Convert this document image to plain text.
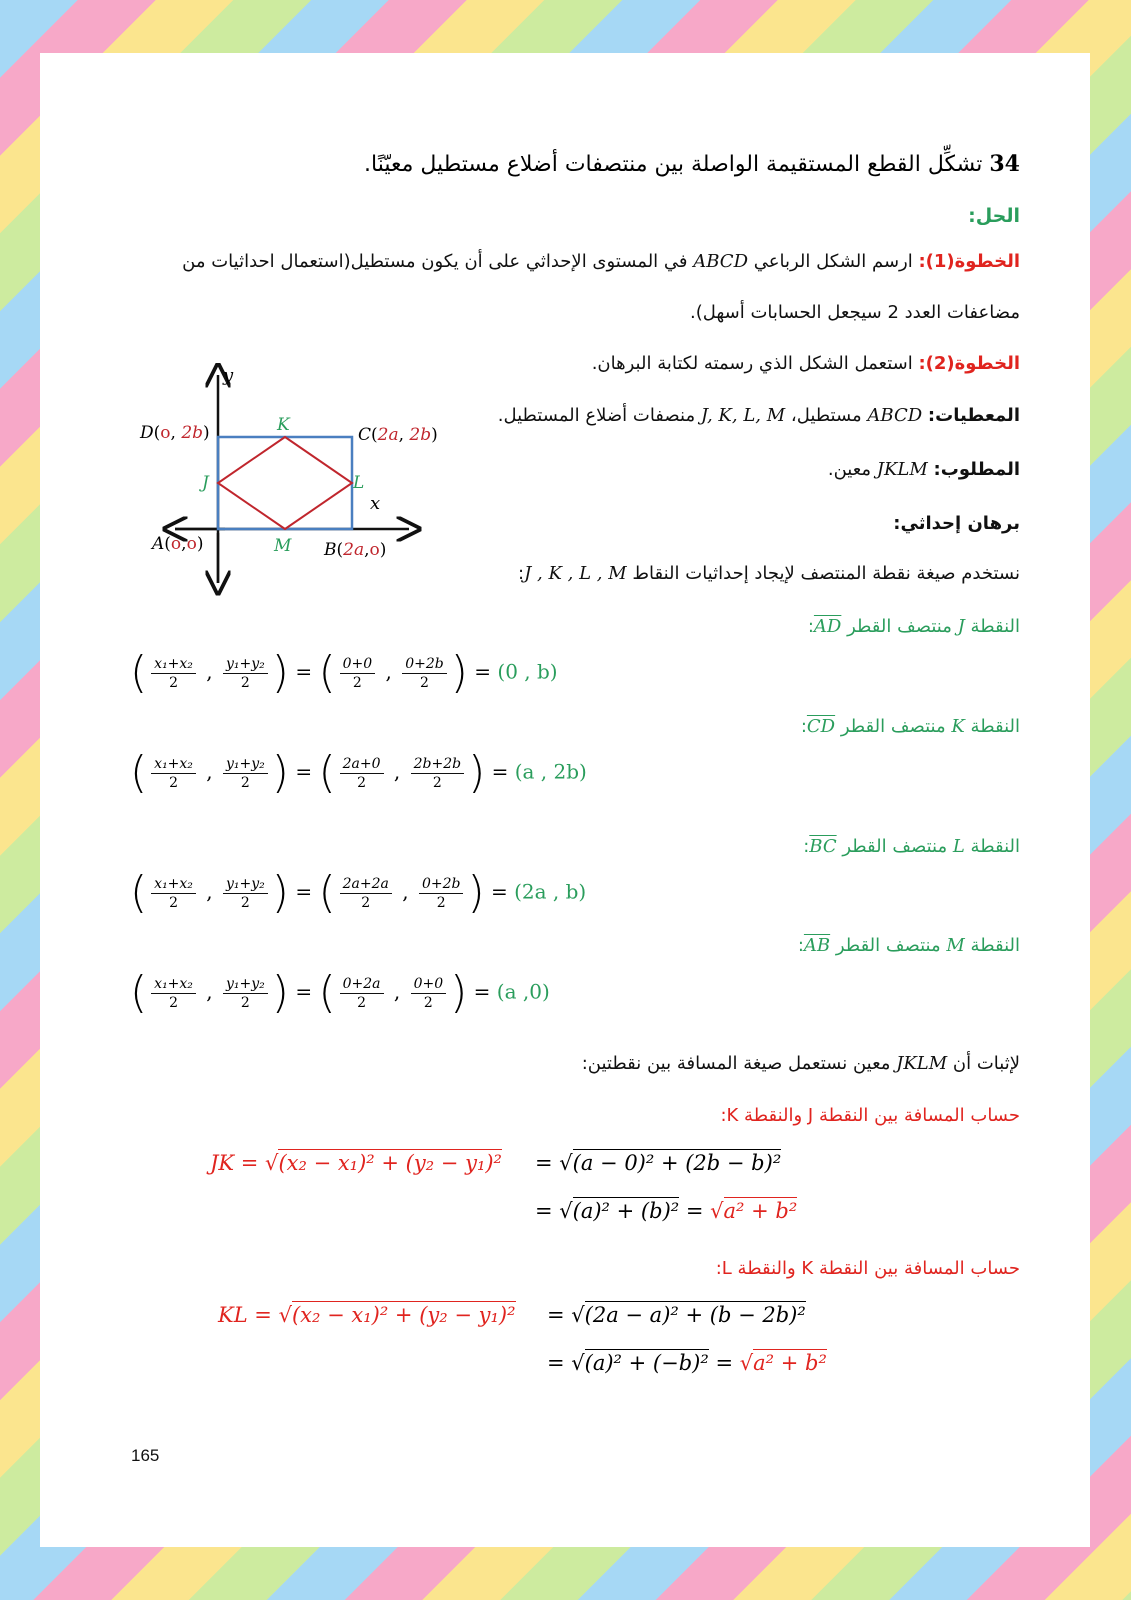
34 تشكِّل القطع المستقيمة الواصلة بين منتصفات أضلاع مستطيل معيّنًا.
الحل:
الخطوة(1): ارسم الشكل الرباعي ABCD في المستوى الإحداثي على أن يكون مستطيل(استعمال احداثيات من
مضاعفات العدد 2 سيجعل الحسابات أسهل).
الخطوة(2): استعمل الشكل الذي رسمته لكتابة البرهان.
المعطيات: ABCD مستطيل، J, K, L, M منصفات أضلاع المستطيل.
المطلوب: JKLM معين.
برهان إحداثي:
نستخدم صيغة نقطة المنتصف لإيجاد إحداثيات النقاط J , K , L , M:
y
x
D(o, 2b)	C(2a, 2b)
A(o,o)	B(2a,o)
K
J	L
M
النقطة J منتصف القطر AD:
( $\frac{\text{x₁+x₂}}{2}$ , $\frac{\text{y₁+y₂}}{2}$ ) = ( $\frac{0+0}{2}$ , $\frac{0+2b}{2}$ ) = (0 , b)
النقطة K منتصف القطر CD:
( $\frac{\text{x₁+x₂}}{2}$ , $\frac{\text{y₁+y₂}}{2}$ ) = ( $\frac{2a+0}{2}$ , $\frac{2b+2b}{2}$ ) = (a , 2b)
النقطة L منتصف القطر BC:
( $\frac{\text{x₁+x₂}}{2}$ , $\frac{\text{y₁+y₂}}{2}$ ) = ( $\frac{2a+2a}{2}$ , $\frac{0+2b}{2}$ ) = (2a , b)
النقطة M منتصف القطر AB:
( $\frac{\text{x₁+x₂}}{2}$ , $\frac{\text{y₁+y₂}}{2}$ ) = ( $\frac{0+2a}{2}$ , $\frac{0+0}{2}$ ) = (a ,0)
لإثبات أن JKLM معين نستعمل صيغة المسافة بين نقطتين:
حساب المسافة بين النقطة J والنقطة K:
JK = √(x₂ − x₁)² + (y₂ − y₁)² = √(a − 0)² + (2b − b)²
= √(a)² + (b)² = √a² + b²
حساب المسافة بين النقطة K والنقطة L:
KL = √(x₂ − x₁)² + (y₂ − y₁)² = √(2a − a)² + (b − 2b)²
= √(a)² + (−b)² = √a² + b²
165
